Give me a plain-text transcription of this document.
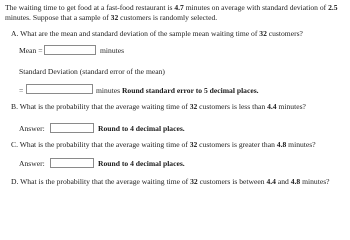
The waiting time to get food at a fast-food restaurant is 4.7 minutes on average with standard deviation of 2.5
minutes. Suppose that a sample of 32 customers is randomly selected.
A. What are the mean and standard deviation of the sample mean waiting time of 32 customers?
Mean =	minutes
Standard Deviation (standard error of the mean)
=	minutes Round standard error to 5 decimal places.
B. What is the probability that the average waiting time of 32 customers is less than 4.4 minutes?
Answer:	Round to 4 decimal places.
C. What is the probability that the average waiting time of 32 customers is greater than 4.8 minutes?
Answer:	Round to 4 decimal places.
D. What is the probability that the average waiting time of 32 customers is between 4.4 and 4.8 minutes?
